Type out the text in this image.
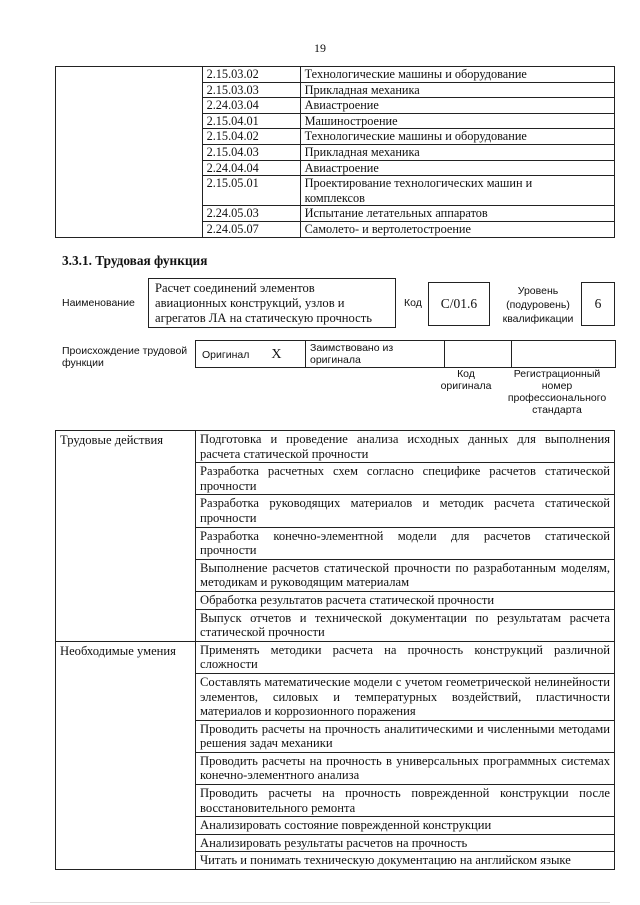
19
	2.15.03.02	Технологические машины и оборудование
	2.15.03.03	Прикладная механика
	2.24.03.04	Авиастроение
	2.15.04.01	Машиностроение
	2.15.04.02	Технологические машины и оборудование
	2.15.04.03	Прикладная механика
	2.24.04.04	Авиастроение
	2.15.05.01	Проектирование технологических машин и комплексов
	2.24.05.03	Испытание летательных аппаратов
	2.24.05.07	Самолето- и вертолетостроение
3.3.1. Трудовая функция
Наименование
Расчет соединений элементов авиационных конструкций, узлов и агрегатов ЛА на статическую прочность
Код	C/01.6
Уровень (подуровень) квалификации
6
Происхождение трудовой функции
Оригинал X	Заимствовано из оригинала

Код оригинала
Регистрационный номер профессионального стандарта
Трудовые действия	Подготовка и проведение анализа исходных данных для выполнения расчета статической прочности
	Разработка расчетных схем согласно специфике расчетов статической прочности
	Разработка руководящих материалов и методик расчета статической прочности
	Разработка конечно-элементной модели для расчетов статической прочности
	Выполнение расчетов статической прочности по разработанным моделям, методикам и руководящим материалам
	Обработка результатов расчета статической прочности
	Выпуск отчетов и технической документации по результатам расчета статической прочности
Необходимые умения	Применять методики расчета на прочность конструкций различной сложности
	Составлять математические модели с учетом геометрической нелинейности элементов, силовых и температурных воздействий, пластичности материалов и коррозионного поражения
	Проводить расчеты на прочность аналитическими и численными методами решения задач механики
	Проводить расчеты на прочность в универсальных программных системах конечно-элементного анализа
	Проводить расчеты на прочность поврежденной конструкции после восстановительного ремонта
	Анализировать состояние поврежденной конструкции
	Анализировать результаты расчетов на прочность
	Читать и понимать техническую документацию на английском языке
